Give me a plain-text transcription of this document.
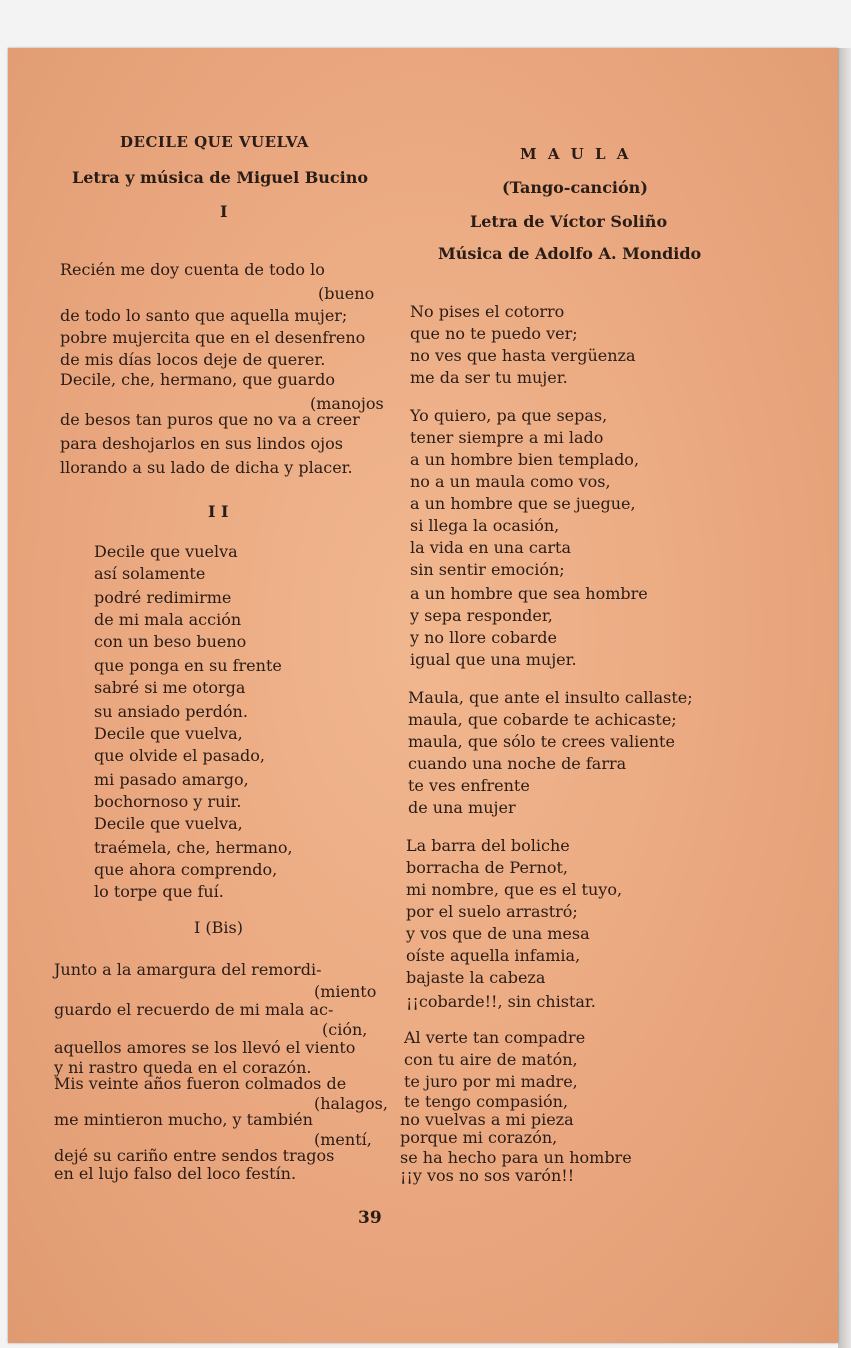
DECILE QUE VUELVA
Letra y música de Miguel Bucino
I
Recién me doy cuenta de todo lo
(bueno
de todo lo santo que aquella mujer;
pobre mujercita que en el desenfreno
de mis días locos deje de querer.
Decile, che, hermano, que guardo
(manojos
de besos tan puros que no va a creer
para deshojarlos en sus lindos ojos
llorando a su lado de dicha y placer.
I I
Decile que vuelva
así solamente
podré redimirme
de mi mala acción
con un beso bueno
que ponga en su frente
sabré si me otorga
su ansiado perdón.
Decile que vuelva,
que olvide el pasado,
mi pasado amargo,
bochornoso y ruir.
Decile que vuelva,
traémela, che, hermano,
que ahora comprendo,
lo torpe que fuí.
I (Bis)
Junto a la amargura del remordi-
(miento
guardo el recuerdo de mi mala ac-
(ción,
aquellos amores se los llevó el viento
y ni rastro queda en el corazón.
Mis veinte años fueron colmados de
(halagos,
me mintieron mucho, y también
(mentí,
dejé su cariño entre sendos tragos
en el lujo falso del loco festín.
M A U L A
(Tango-canción)
Letra de Víctor Soliño
Música de Adolfo A. Mondido
No pises el cotorro
que no te puedo ver;
no ves que hasta vergüenza
me da ser tu mujer.
Yo quiero, pa que sepas,
tener siempre a mi lado
a un hombre bien templado,
no a un maula como vos,
a un hombre que se juegue,
si llega la ocasión,
la vida en una carta
sin sentir emoción;
a un hombre que sea hombre
y sepa responder,
y no llore cobarde
igual que una mujer.
Maula, que ante el insulto callaste;
maula, que cobarde te achicaste;
maula, que sólo te crees valiente
cuando una noche de farra
te ves enfrente
de una mujer
La barra del boliche
borracha de Pernot,
mi nombre, que es el tuyo,
por el suelo arrastró;
y vos que de una mesa
oíste aquella infamia,
bajaste la cabeza
¡¡cobarde!!, sin chistar.
Al verte tan compadre
con tu aire de matón,
te juro por mi madre,
te tengo compasión,
no vuelvas a mi pieza
porque mi corazón,
se ha hecho para un hombre
¡¡y vos no sos varón!!
39
